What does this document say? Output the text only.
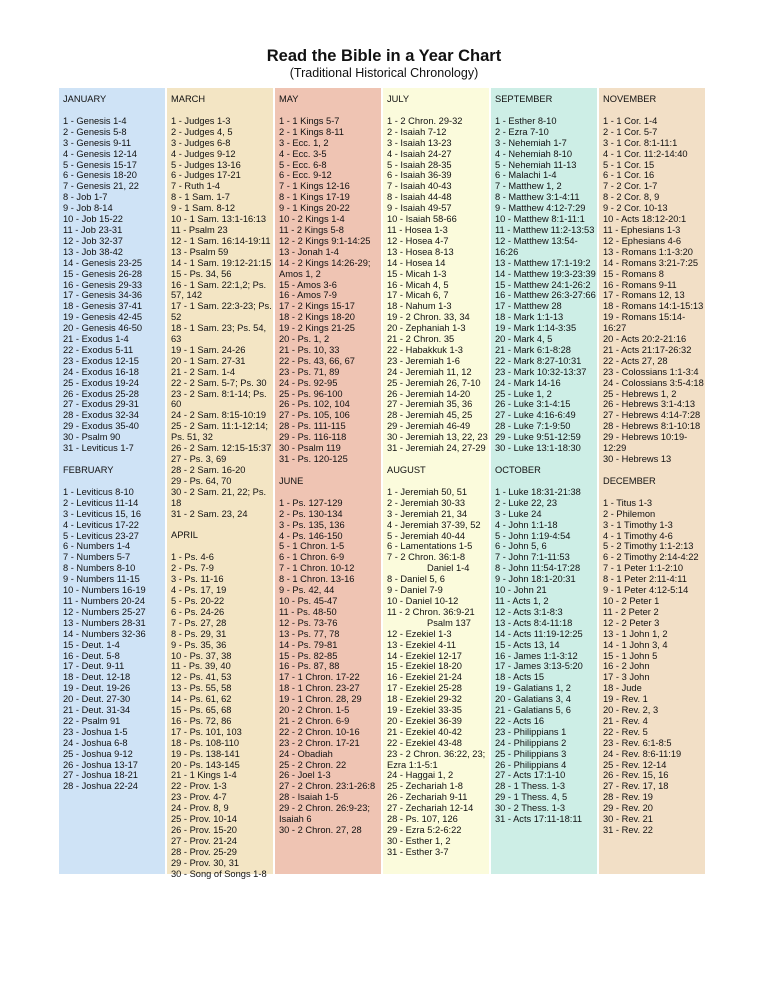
Read the Bible in a Year Chart
(Traditional Historical Chronology)
JANUARY
1 - Genesis 1-4
2 - Genesis 5-8
3 - Genesis 9-11
4 - Genesis 12-14
5 - Genesis 15-17
6 - Genesis 18-20
7 - Genesis 21, 22
8 - Job 1-7
9 - Job 8-14
10 - Job 15-22
11 - Job 23-31
12 - Job 32-37
13 - Job 38-42
14 - Genesis 23-25
15 - Genesis 26-28
16 - Genesis 29-33
17 - Genesis 34-36
18 - Genesis 37-41
19 - Genesis 42-45
20 - Genesis 46-50
21 - Exodus 1-4
22 - Exodus 5-11
23 - Exodus 12-15
24 - Exodus 16-18
25 - Exodus 19-24
26 - Exodus 25-28
27 - Exodus 29-31
28 - Exodus 32-34
29 - Exodus 35-40
30 - Psalm 90
31 - Leviticus 1-7
FEBRUARY
1 - Leviticus 8-10
2 - Leviticus 11-14
3 - Leviticus 15, 16
4 - Leviticus 17-22
5 - Leviticus 23-27
6 - Numbers 1-4
7 - Numbers 5-7
8 - Numbers 8-10
9 - Numbers 11-15
10 - Numbers 16-19
11 - Numbers 20-24
12 - Numbers 25-27
13 - Numbers 28-31
14 - Numbers 32-36
15 - Deut. 1-4
16 - Deut. 5-8
17 - Deut. 9-11
18 - Deut. 12-18
19 - Deut. 19-26
20 - Deut. 27-30
21 - Deut. 31-34
22 - Psalm 91
23 - Joshua 1-5
24 - Joshua 6-8
25 - Joshua 9-12
26 - Joshua 13-17
27 - Joshua 18-21
28 - Joshua 22-24
MARCH
1 - Judges 1-3
2 - Judges 4, 5
3 - Judges 6-8
4 - Judges 9-12
5 - Judges 13-16
6 - Judges 17-21
7 - Ruth 1-4
8 - 1 Sam. 1-7
9 - 1 Sam. 8-12
10 - 1 Sam. 13:1-16:13
11 - Psalm 23
12 - 1 Sam. 16:14-19:11
13 - Psalm 59
14 - 1 Sam. 19:12-21:15
15 - Ps. 34, 56
16 - 1 Sam. 22:1,2; Ps.
57, 142
17 - 1 Sam. 22:3-23; Ps.
52
18 - 1 Sam. 23; Ps. 54,
63
19 - 1 Sam. 24-26
20 - 1 Sam. 27-31
21 - 2 Sam. 1-4
22 - 2 Sam. 5-7; Ps. 30
23 - 2 Sam. 8:1-14; Ps.
60
24 - 2 Sam. 8:15-10:19
25 - 2 Sam. 11:1-12:14;
Ps. 51, 32
26 - 2 Sam. 12:15-15:37
27 - Ps. 3, 69
28 - 2 Sam. 16-20
29 - Ps. 64, 70
30 - 2 Sam. 21, 22; Ps.
18
31 - 2 Sam. 23, 24
APRIL
1 - Ps. 4-6
2 - Ps. 7-9
3 - Ps. 11-16
4 - Ps. 17, 19
5 - Ps. 20-22
6 - Ps. 24-26
7 - Ps. 27, 28
8 - Ps. 29, 31
9 - Ps. 35, 36
10 - Ps. 37, 38
11 - Ps. 39, 40
12 - Ps. 41, 53
13 - Ps. 55, 58
14 - Ps. 61, 62
15 - Ps. 65, 68
16 - Ps. 72, 86
17 - Ps. 101, 103
18 - Ps. 108-110
19 - Ps. 138-141
20 - Ps. 143-145
21 - 1 Kings 1-4
22 - Prov. 1-3
23 - Prov. 4-7
24 - Prov. 8, 9
25 - Prov. 10-14
26 - Prov. 15-20
27 - Prov. 21-24
28 - Prov. 25-29
29 - Prov. 30, 31
30 - Song of Songs 1-8
MAY
1 - 1 Kings 5-7
2 - 1 Kings 8-11
3 - Ecc. 1, 2
4 - Ecc. 3-5
5 - Ecc. 6-8
6 - Ecc. 9-12
7 - 1 Kings 12-16
8 - 1 Kings 17-19
9 - 1 Kings 20-22
10 - 2 Kings 1-4
11 - 2 Kings 5-8
12 - 2 Kings 9:1-14:25
13 - Jonah 1-4
14 - 2 Kings 14:26-29;
Amos 1, 2
15 - Amos 3-6
16 - Amos 7-9
17 - 2 Kings 15-17
18 - 2 Kings 18-20
19 - 2 Kings 21-25
20 - Ps. 1, 2
21 - Ps. 10, 33
22 - Ps. 43, 66, 67
23 - Ps. 71, 89
24 - Ps. 92-95
25 - Ps. 96-100
26 - Ps. 102, 104
27 - Ps. 105, 106
28 - Ps. 111-115
29 - Ps. 116-118
30 - Psalm 119
31 - Ps. 120-125
JUNE
1 - Ps. 127-129
2 - Ps. 130-134
3 - Ps. 135, 136
4 - Ps. 146-150
5 - 1 Chron. 1-5
6 - 1 Chron. 6-9
7 - 1 Chron. 10-12
8 - 1 Chron. 13-16
9 - Ps. 42, 44
10 - Ps. 45-47
11 - Ps. 48-50
12 - Ps. 73-76
13 - Ps. 77, 78
14 - Ps. 79-81
15 - Ps. 82-85
16 - Ps. 87, 88
17 - 1 Chron. 17-22
18 - 1 Chron. 23-27
19 - 1 Chron. 28, 29
20 - 2 Chron. 1-5
21 - 2 Chron. 6-9
22 - 2 Chron. 10-16
23 - 2 Chron. 17-21
24 - Obadiah
25 - 2 Chron. 22
26 - Joel 1-3
27 - 2 Chron. 23:1-26:8
28 - Isaiah 1-5
29 - 2 Chron. 26:9-23;
Isaiah 6
30 - 2 Chron. 27, 28
JULY
1 - 2 Chron. 29-32
2 - Isaiah 7-12
3 - Isaiah 13-23
4 - Isaiah 24-27
5 - Isaiah 28-35
6 - Isaiah 36-39
7 - Isaiah 40-43
8 - Isaiah 44-48
9 - Isaiah 49-57
10 - Isaiah 58-66
11 - Hosea 1-3
12 - Hosea 4-7
13 - Hosea 8-13
14 - Hosea 14
15 - Micah 1-3
16 - Micah 4, 5
17 - Micah 6, 7
18 - Nahum 1-3
19 - 2 Chron. 33, 34
20 - Zephaniah 1-3
21 - 2 Chron. 35
22 - Habakkuk 1-3
23 - Jeremiah 1-6
24 - Jeremiah 11, 12
25 - Jeremiah 26, 7-10
26 - Jeremiah 14-20
27 - Jeremiah 35, 36
28 - Jeremiah 45, 25
29 - Jeremiah 46-49
30 - Jeremiah 13, 22, 23
31 - Jeremiah 24, 27-29
AUGUST
1 - Jeremiah 50, 51
2 - Jeremiah 30-33
3 - Jeremiah 21, 34
4 - Jeremiah 37-39, 52
5 - Jeremiah 40-44
6 - Lamentations 1-5
7 - 2 Chron. 36:1-8
Daniel 1-4
8 - Daniel 5, 6
9 - Daniel 7-9
10 - Daniel 10-12
11 - 2 Chron. 36:9-21
Psalm 137
12 - Ezekiel 1-3
13 - Ezekiel 4-11
14 - Ezekiel 12-17
15 - Ezekiel 18-20
16 - Ezekiel 21-24
17 - Ezekiel 25-28
18 - Ezekiel 29-32
19 - Ezekiel 33-35
20 - Ezekiel 36-39
21 - Ezekiel 40-42
22 - Ezekiel 43-48
23 - 2 Chron. 36:22, 23;
Ezra 1:1-5:1
24 - Haggai 1, 2
25 - Zechariah 1-8
26 - Zechariah 9-11
27 - Zechariah 12-14
28 - Ps. 107, 126
29 - Ezra 5:2-6:22
30 - Esther 1, 2
31 - Esther 3-7
SEPTEMBER
1 - Esther 8-10
2 - Ezra 7-10
3 - Nehemiah 1-7
4 - Nehemiah 8-10
5 - Nehemiah 11-13
6 - Malachi 1-4
7 - Matthew 1, 2
8 - Matthew 3:1-4:11
9 - Matthew 4:12-7:29
10 - Matthew 8:1-11:1
11 - Matthew 11:2-13:53
12 - Matthew 13:54-
16:26
13 - Matthew 17:1-19:2
14 - Matthew 19:3-23:39
15 - Matthew 24:1-26:2
16 - Matthew 26:3-27:66
17 - Matthew 28
18 - Mark 1:1-13
19 - Mark 1:14-3:35
20 - Mark 4, 5
21 - Mark 6:1-8:28
22 - Mark 8:27-10:31
23 - Mark 10:32-13:37
24 - Mark 14-16
25 - Luke 1, 2
26 - Luke 3:1-4:15
27 - Luke 4:16-6:49
28 - Luke 7:1-9:50
29 - Luke 9:51-12:59
30 - Luke 13:1-18:30
OCTOBER
1 - Luke 18:31-21:38
2 - Luke 22, 23
3 - Luke 24
4 - John 1:1-18
5 - John 1:19-4:54
6 - John 5, 6
7 - John 7:1-11:53
8 - John 11:54-17:28
9 - John 18:1-20:31
10 - John 21
11 - Acts 1, 2
12 - Acts 3:1-8:3
13 - Acts 8:4-11:18
14 - Acts 11:19-12:25
15 - Acts 13, 14
16 - James 1:1-3:12
17 - James 3:13-5:20
18 - Acts 15
19 - Galatians 1, 2
20 - Galatians 3, 4
21 - Galatians 5, 6
22 - Acts 16
23 - Philippians 1
24 - Philippians 2
25 - Philippians 3
26 - Philippians 4
27 - Acts 17:1-10
28 - 1 Thess. 1-3
29 - 1 Thess. 4, 5
30 - 2 Thess. 1-3
31 - Acts 17:11-18:11
NOVEMBER
1 - 1 Cor. 1-4
2 - 1 Cor. 5-7
3 - 1 Cor. 8:1-11:1
4 - 1 Cor. 11:2-14:40
5 - 1 Cor. 15
6 - 1 Cor. 16
7 - 2 Cor. 1-7
8 - 2 Cor. 8, 9
9 - 2 Cor. 10-13
10 - Acts 18:12-20:1
11 - Ephesians 1-3
12 - Ephesians 4-6
13 - Romans 1:1-3:20
14 - Romans 3:21-7:25
15 - Romans 8
16 - Romans 9-11
17 - Romans 12, 13
18 - Romans 14:1-15:13
19 - Romans 15:14-
16:27
20 - Acts 20:2-21:16
21 - Acts 21:17-26:32
22 - Acts 27, 28
23 - Colossians 1:1-3:4
24 - Colossians 3:5-4:18
25 - Hebrews 1, 2
26 - Hebrews 3:1-4:13
27 - Hebrews 4:14-7:28
28 - Hebrews 8:1-10:18
29 - Hebrews 10:19-
12:29
30 - Hebrews 13
DECEMBER
1 - Titus 1-3
2 - Philemon
3 - 1 Timothy 1-3
4 - 1 Timothy 4-6
5 - 2 Timothy 1:1-2:13
6 - 2 Timothy 2:14-4:22
7 - 1 Peter 1:1-2:10
8 - 1 Peter 2:11-4:11
9 - 1 Peter 4:12-5:14
10 - 2 Peter 1
11 - 2 Peter 2
12 - 2 Peter 3
13 - 1 John 1, 2
14 - 1 John 3, 4
15 - 1 John 5
16 - 2 John
17 - 3 John
18 - Jude
19 - Rev. 1
20 - Rev. 2, 3
21 - Rev. 4
22 - Rev. 5
23 - Rev. 6:1-8:5
24 - Rev. 8:6-11:19
25 - Rev. 12-14
26 - Rev. 15, 16
27 - Rev. 17, 18
28 - Rev. 19
29 - Rev. 20
30 - Rev. 21
31 - Rev. 22
